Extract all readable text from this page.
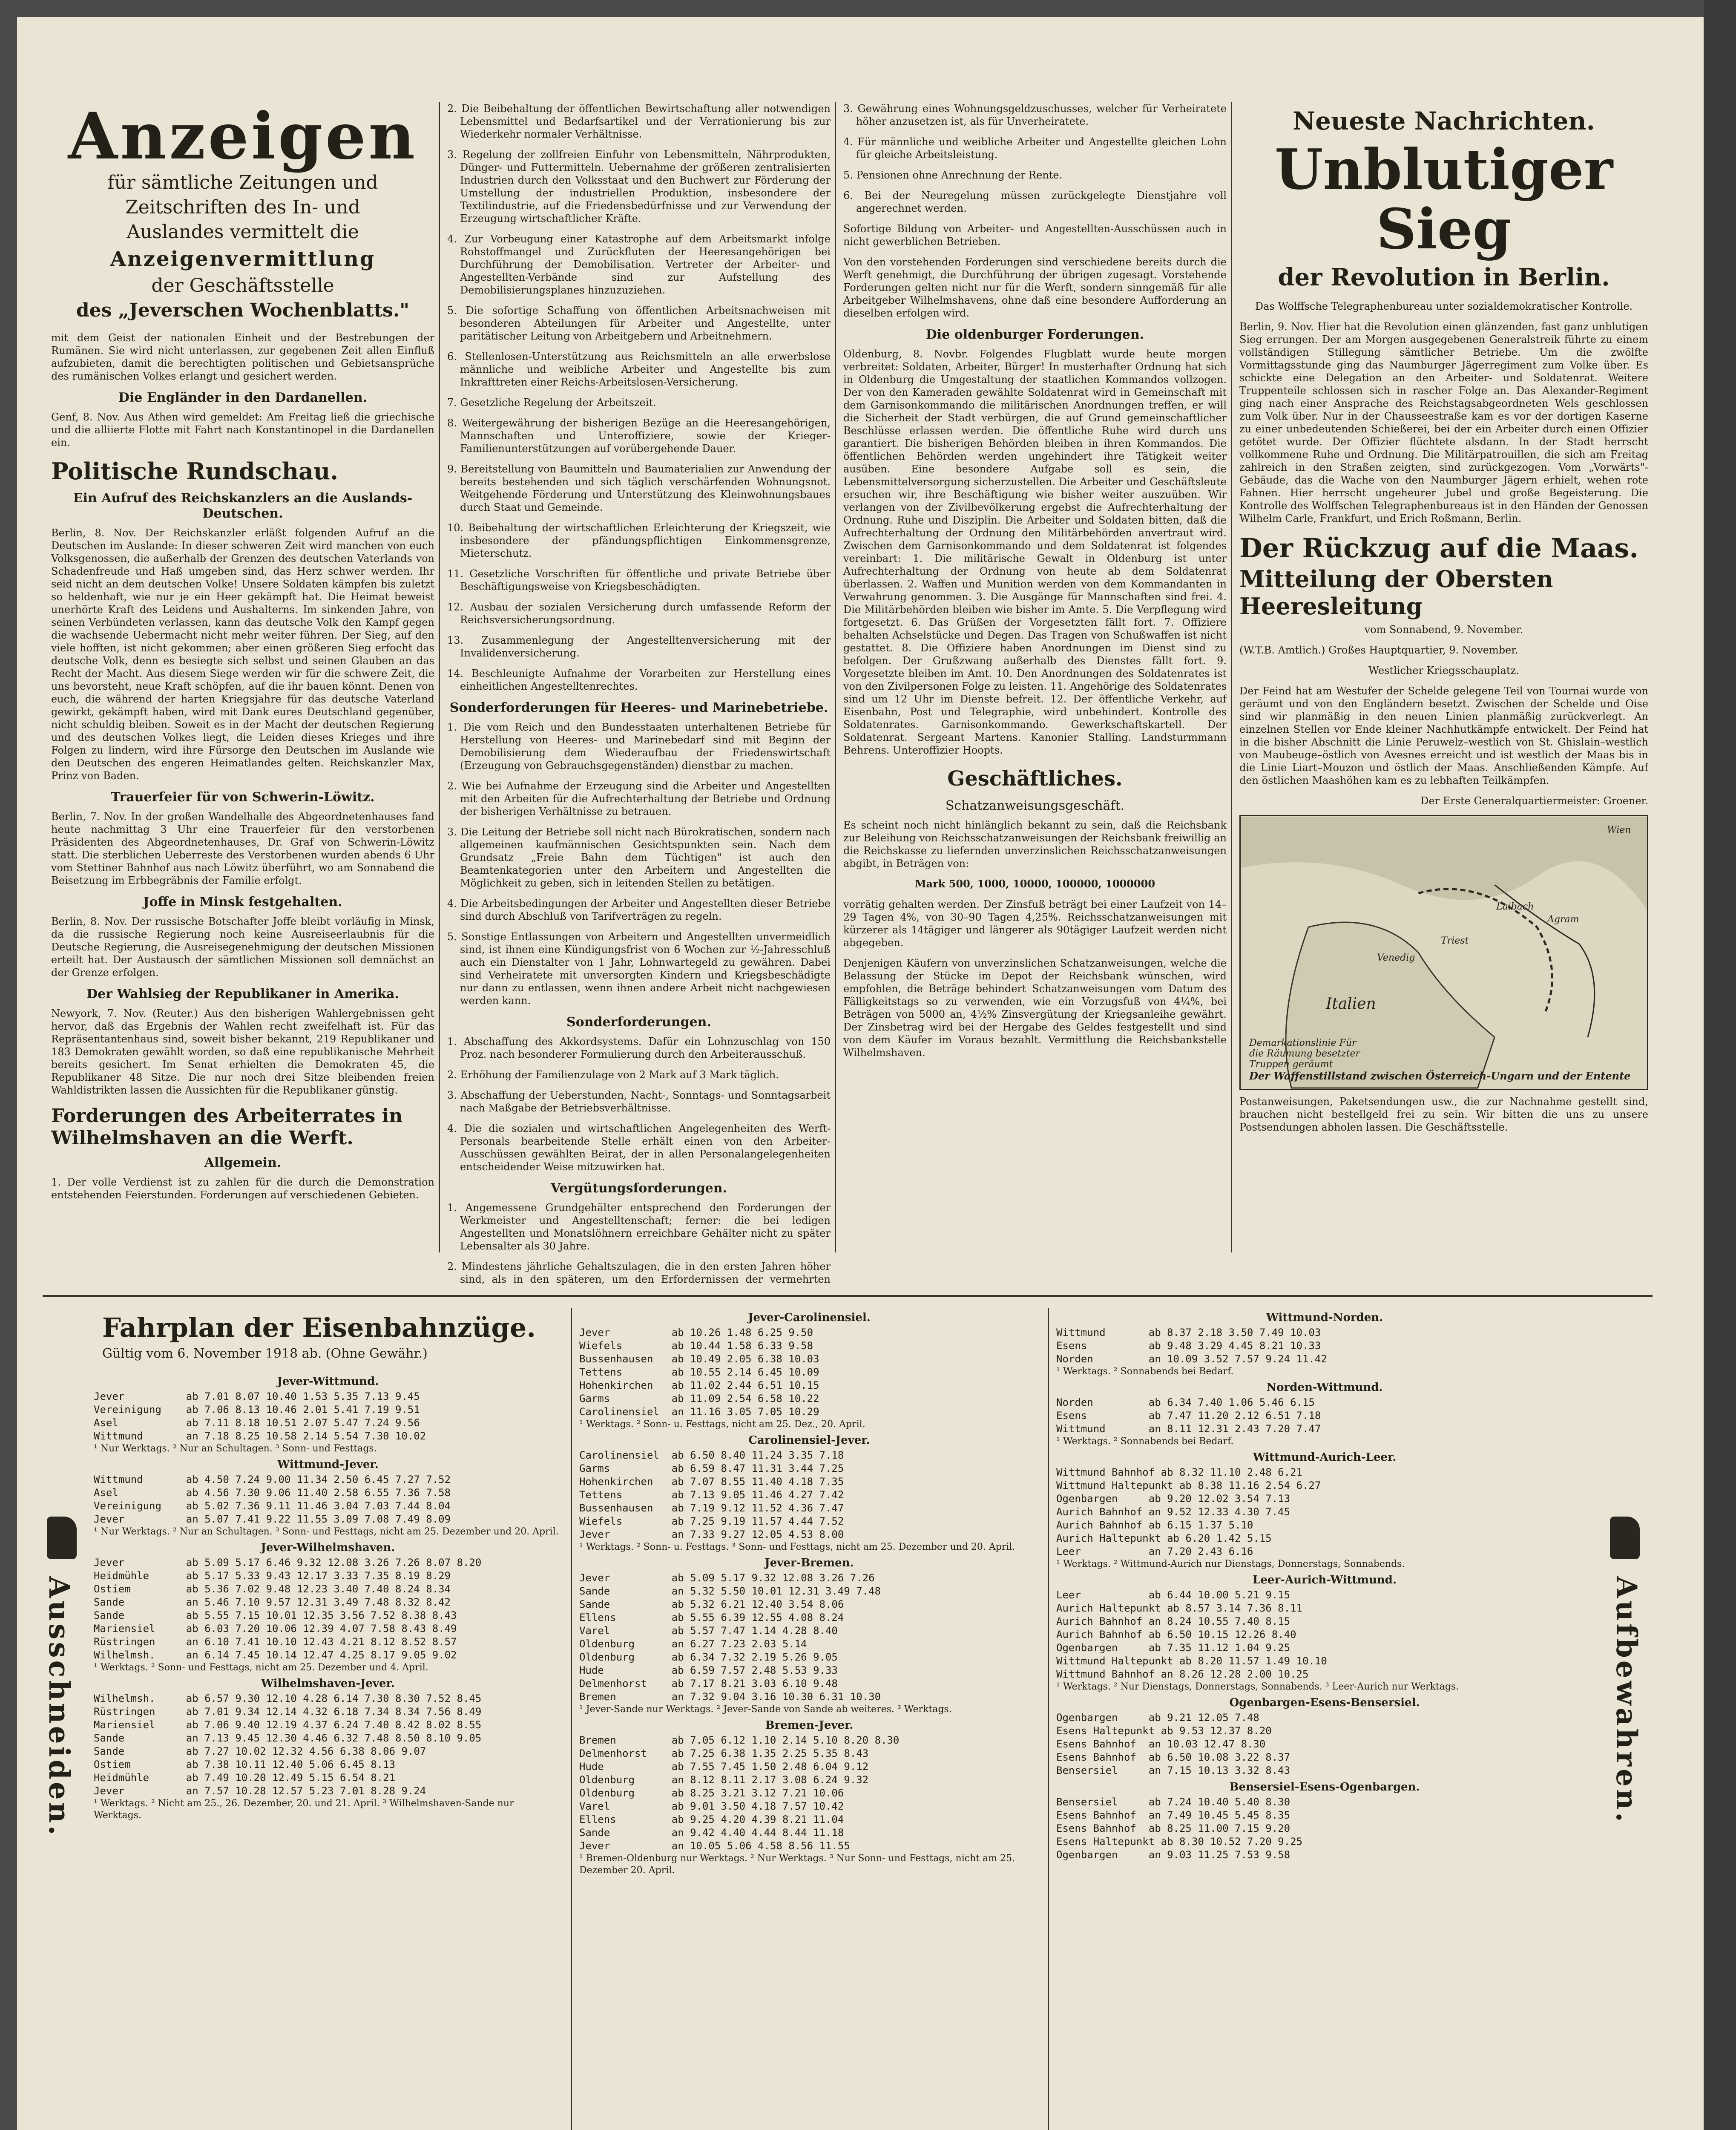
Anzeigen

für sämtliche Zeitungen und

Zeitschriften des In- und

Auslandes vermittelt die

Anzeigenvermittlung

der Geschäftsstelle

des „Jeverschen Wochenblatts."

mit dem Geist der nationalen Einheit und der Bestrebungen der Rumänen. Sie wird nicht unterlassen, zur gegebenen Zeit allen Einfluß aufzubieten, damit die berechtigten politischen und Gebietsansprüche des rumänischen Volkes erlangt und gesichert werden.

Die Engländer in den Dardanellen.

Genf, 8. Nov. Aus Athen wird gemeldet: Am Freitag ließ die griechische und die alliierte Flotte mit Fahrt nach Konstantinopel in die Dardanellen ein.

Politische Rundschau.
Ein Aufruf des Reichskanzlers an die Auslands-Deutschen.

Berlin, 8. Nov. Der Reichskanzler erläßt folgenden Aufruf an die Deutschen im Auslande: In dieser schweren Zeit wird manchen von euch Volksgenossen, die außerhalb der Grenzen des deutschen Vaterlands von Schadenfreude und Haß umgeben sind, das Herz schwer werden. Ihr seid nicht an dem deutschen Volke! Unsere Soldaten kämpfen bis zuletzt so heldenhaft, wie nur je ein Heer gekämpft hat. Die Heimat beweist unerhörte Kraft des Leidens und Aushalterns. Im sinkenden Jahre, von seinen Verbündeten verlassen, kann das deutsche Volk den Kampf gegen die wachsende Uebermacht nicht mehr weiter führen. Der Sieg, auf den viele hofften, ist nicht gekommen; aber einen größeren Sieg erfocht das deutsche Volk, denn es besiegte sich selbst und seinen Glauben an das Recht der Macht. Aus diesem Siege werden wir für die schwere Zeit, die uns bevorsteht, neue Kraft schöpfen, auf die ihr bauen könnt. Denen von euch, die während der harten Kriegsjahre für das deutsche Vaterland gewirkt, gekämpft haben, wird mit Dank eures Deutschland gegenüber, nicht schuldig bleiben. Soweit es in der Macht der deutschen Regierung und des deutschen Volkes liegt, die Leiden dieses Krieges und ihre Folgen zu lindern, wird ihre Fürsorge den Deutschen im Auslande wie den Deutschen des engeren Heimatlandes gelten. Reichskanzler Max, Prinz von Baden.

Trauerfeier für von Schwerin-Löwitz.

Berlin, 7. Nov. In der großen Wandelhalle des Abgeordnetenhauses fand heute nachmittag 3 Uhr eine Trauerfeier für den verstorbenen Präsidenten des Abgeordnetenhauses, Dr. Graf von Schwerin-Löwitz statt. Die sterblichen Ueberreste des Verstorbenen wurden abends 6 Uhr vom Stettiner Bahnhof aus nach Löwitz überführt, wo am Sonnabend die Beisetzung im Erbbegräbnis der Familie erfolgt.

Joffe in Minsk festgehalten.

Berlin, 8. Nov. Der russische Botschafter Joffe bleibt vorläufig in Minsk, da die russische Regierung noch keine Ausreiseerlaubnis für die Deutsche Regierung, die Ausreisegenehmigung der deutschen Missionen erteilt hat. Der Austausch der sämtlichen Missionen soll demnächst an der Grenze erfolgen.

Der Wahlsieg der Republikaner in Amerika.

Newyork, 7. Nov. (Reuter.) Aus den bisherigen Wahlergebnissen geht hervor, daß das Ergebnis der Wahlen recht zweifelhaft ist. Für das Repräsentantenhaus sind, soweit bisher bekannt, 219 Republikaner und 183 Demokraten gewählt worden, so daß eine republikanische Mehrheit bereits gesichert. Im Senat erhielten die Demokraten 45, die Republikaner 48 Sitze. Die nur noch drei Sitze bleibenden freien Wahldistrikten lassen die Aussichten für die Republikaner günstig.

Forderungen des Arbeiterrates in Wilhelmshaven an die Werft.
Allgemein.

1. Der volle Verdienst ist zu zahlen für die durch die Demonstration entstehenden Feierstunden. Forderungen auf verschiedenen Gebieten.

2. Die Beibehaltung der öffentlichen Bewirtschaftung aller notwendigen Lebensmittel und Bedarfsartikel und der Verrationierung bis zur Wiederkehr normaler Verhältnisse.

3. Regelung der zollfreien Einfuhr von Lebensmitteln, Nährprodukten, Dünger- und Futtermitteln. Uebernahme der größeren zentralisierten Industrien durch den Volksstaat und den Buchwert zur Förderung der Umstellung der industriellen Produktion, insbesondere der Textilindustrie, auf die Friedensbedürfnisse und zur Verwendung der Erzeugung wirtschaftlicher Kräfte.

4. Zur Vorbeugung einer Katastrophe auf dem Arbeitsmarkt infolge Rohstoffmangel und Zurückfluten der Heeresangehörigen bei Durchführung der Demobilisation. Vertreter der Arbeiter- und Angestellten-Verbände sind zur Aufstellung des Demobilisierungsplanes hinzuzuziehen.

5. Die sofortige Schaffung von öffentlichen Arbeitsnachweisen mit besonderen Abteilungen für Arbeiter und Angestellte, unter paritätischer Leitung von Arbeitgebern und Arbeitnehmern.

6. Stellenlosen-Unterstützung aus Reichsmitteln an alle erwerbslose männliche und weibliche Arbeiter und Angestellte bis zum Inkrafttreten einer Reichs-Arbeitslosen-Versicherung.

7. Gesetzliche Regelung der Arbeitszeit.

8. Weitergewährung der bisherigen Bezüge an die Heeresangehörigen, Mannschaften und Unteroffiziere, sowie der Krieger-Familienunterstützungen auf vorübergehende Dauer.

9. Bereitstellung von Baumitteln und Baumaterialien zur Anwendung der bereits bestehenden und sich täglich verschärfenden Wohnungsnot. Weitgehende Förderung und Unterstützung des Kleinwohnungsbaues durch Staat und Gemeinde.

10. Beibehaltung der wirtschaftlichen Erleichterung der Kriegszeit, wie insbesondere der pfändungspflichtigen Einkommensgrenze, Mieterschutz.

11. Gesetzliche Vorschriften für öffentliche und private Betriebe über Beschäftigungsweise von Kriegsbeschädigten.

12. Ausbau der sozialen Versicherung durch umfassende Reform der Reichsversicherungsordnung.

13. Zusammenlegung der Angestelltenversicherung mit der Invalidenversicherung.

14. Beschleunigte Aufnahme der Vorarbeiten zur Herstellung eines einheitlichen Angestelltenrechtes.

Sonderforderungen für Heeres- und Marinebetriebe.

1. Die vom Reich und den Bundesstaaten unterhaltenen Betriebe für Herstellung von Heeres- und Marinebedarf sind mit Beginn der Demobilisierung dem Wiederaufbau der Friedenswirtschaft (Erzeugung von Gebrauchsgegenständen) dienstbar zu machen.

2. Wie bei Aufnahme der Erzeugung sind die Arbeiter und Angestellten mit den Arbeiten für die Aufrechterhaltung der Betriebe und Ordnung der bisherigen Verhältnisse zu betrauen.

3. Die Leitung der Betriebe soll nicht nach Bürokratischen, sondern nach allgemeinen kaufmännischen Gesichtspunkten sein. Nach dem Grundsatz „Freie Bahn dem Tüchtigen" ist auch den Beamtenkategorien unter den Arbeitern und Angestellten die Möglichkeit zu geben, sich in leitenden Stellen zu betätigen.

4. Die Arbeitsbedingungen der Arbeiter und Angestellten dieser Betriebe sind durch Abschluß von Tarifverträgen zu regeln.

5. Sonstige Entlassungen von Arbeitern und Angestellten unvermeidlich sind, ist ihnen eine Kündigungsfrist von 6 Wochen zur ½-Jahresschluß auch ein Dienstalter von 1 Jahr, Lohnwartegeld zu gewähren. Dabei sind Verheiratete mit unversorgten Kindern und Kriegsbeschädigte nur dann zu entlassen, wenn ihnen andere Arbeit nicht nachgewiesen werden kann.

Sonderforderungen.

1. Abschaffung des Akkordsystems. Dafür ein Lohnzuschlag von 150 Proz. nach besonderer Formulierung durch den Arbeiterausschuß.

2. Erhöhung der Familienzulage von 2 Mark auf 3 Mark täglich.

3. Abschaffung der Ueberstunden, Nacht-, Sonntags- und Sonntagsarbeit nach Maßgabe der Betriebsverhältnisse.

4. Die die sozialen und wirtschaftlichen Angelegenheiten des Werft-Personals bearbeitende Stelle erhält einen von den Arbeiter-Ausschüssen gewählten Beirat, der in allen Personalangelegenheiten entscheidender Weise mitzuwirken hat.

Vergütungsforderungen.

1. Angemessene Grundgehälter entsprechend den Forderungen der Werkmeister und Angestelltenschaft; ferner: die bei ledigen Angestellten und Monatslöhnern erreichbare Gehälter nicht zu später Lebensalter als 30 Jahre.

2. Mindestens jährliche Gehaltszulagen, die in den ersten Jahren höher sind, als in den späteren, um den Erfordernissen der vermehrten

3. Gewährung eines Wohnungsgeldzuschusses, welcher für Verheiratete höher anzusetzen ist, als für Unverheiratete.

4. Für männliche und weibliche Arbeiter und Angestellte gleichen Lohn für gleiche Arbeitsleistung.

5. Pensionen ohne Anrechnung der Rente.

6. Bei der Neuregelung müssen zurückgelegte Dienstjahre voll angerechnet werden.

Sofortige Bildung von Arbeiter- und Angestellten-Ausschüssen auch in nicht gewerblichen Betrieben.

Von den vorstehenden Forderungen sind verschiedene bereits durch die Werft genehmigt, die Durchführung der übrigen zugesagt. Vorstehende Forderungen gelten nicht nur für die Werft, sondern sinngemäß für alle Arbeitgeber Wilhelmshavens, ohne daß eine besondere Aufforderung an dieselben erfolgen wird.

Die oldenburger Forderungen.

Oldenburg, 8. Novbr. Folgendes Flugblatt wurde heute morgen verbreitet: Soldaten, Arbeiter, Bürger! In musterhafter Ordnung hat sich in Oldenburg die Umgestaltung der staatlichen Kommandos vollzogen. Der von den Kameraden gewählte Soldatenrat wird in Gemeinschaft mit dem Garnisonkommando die militärischen Anordnungen treffen, er will die Sicherheit der Stadt verbürgen, die auf Grund gemeinschaftlicher Beschlüsse erlassen werden. Die öffentliche Ruhe wird durch uns garantiert. Die bisherigen Behörden bleiben in ihren Kommandos. Die öffentlichen Behörden werden ungehindert ihre Tätigkeit weiter ausüben. Eine besondere Aufgabe soll es sein, die Lebensmittelversorgung sicherzustellen. Die Arbeiter und Geschäftsleute ersuchen wir, ihre Beschäftigung wie bisher weiter auszuüben. Wir verlangen von der Zivilbevölkerung ergebst die Aufrechterhaltung der Ordnung. Ruhe und Disziplin. Die Arbeiter und Soldaten bitten, daß die Aufrechterhaltung der Ordnung den Militärbehörden anvertraut wird. Zwischen dem Garnisonkommando und dem Soldatenrat ist folgendes vereinbart: 1. Die militärische Gewalt in Oldenburg ist unter Aufrechterhaltung der Ordnung von heute ab dem Soldatenrat überlassen. 2. Waffen und Munition werden von dem Kommandanten in Verwahrung genommen. 3. Die Ausgänge für Mannschaften sind frei. 4. Die Militärbehörden bleiben wie bisher im Amte. 5. Die Verpflegung wird fortgesetzt. 6. Das Grüßen der Vorgesetzten fällt fort. 7. Offiziere behalten Achselstücke und Degen. Das Tragen von Schußwaffen ist nicht gestattet. 8. Die Offiziere haben Anordnungen im Dienst sind zu befolgen. Der Grußzwang außerhalb des Dienstes fällt fort. 9. Vorgesetzte bleiben im Amt. 10. Den Anordnungen des Soldatenrates ist von den Zivilpersonen Folge zu leisten. 11. Angehörige des Soldatenrates sind um 12 Uhr im Dienste befreit. 12. Der öffentliche Verkehr, auf Eisenbahn, Post und Telegraphie, wird unbehindert. Kontrolle des Soldatenrates. Garnisonkommando. Gewerkschaftskartell. Der Soldatenrat. Sergeant Martens. Kanonier Stalling. Landsturmmann Behrens. Unteroffizier Hoopts.

Geschäftliches.
Schatzanweisungsgeschäft.

Es scheint noch nicht hinlänglich bekannt zu sein, daß die Reichsbank zur Beleihung von Reichsschatzanweisungen der Reichsbank freiwillig an die Reichskasse zu liefernden unverzinslichen Reichsschatzanweisungen abgibt, in Beträgen von:

Mark 500, 1000, 10000, 100000, 1000000

vorrätig gehalten werden. Der Zinsfuß beträgt bei einer Laufzeit von 14–29 Tagen 4%, von 30–90 Tagen 4,25%. Reichsschatzanweisungen mit kürzerer als 14tägiger und längerer als 90tägiger Laufzeit werden nicht abgegeben.

Denjenigen Käufern von unverzinslichen Schatzanweisungen, welche die Belassung der Stücke im Depot der Reichsbank wünschen, wird empfohlen, die Beträge behindert Schatzanweisungen vom Datum des Fälligkeitstags so zu verwenden, wie ein Vorzugsfuß von 4¼%, bei Beträgen von 5000 an, 4½% Zinsvergütung der Kriegsanleihe gewährt. Der Zinsbetrag wird bei der Hergabe des Geldes festgestellt und sind von dem Käufer im Voraus bezahlt. Vermittlung die Reichsbankstelle Wilhelmshaven.

Neueste Nachrichten.
Unblutiger Sieg
der Revolution in Berlin.

Das Wolffsche Telegraphenbureau unter sozialdemokratischer Kontrolle.

Berlin, 9. Nov. Hier hat die Revolution einen glänzenden, fast ganz unblutigen Sieg errungen. Der am Morgen ausgegebenen Generalstreik führte zu einem vollständigen Stillegung sämtlicher Betriebe. Um die zwölfte Vormittagsstunde ging das Naumburger Jägerregiment zum Volke über. Es schickte eine Delegation an den Arbeiter- und Soldatenrat. Weitere Truppenteile schlossen sich in rascher Folge an. Das Alexander-Regiment ging nach einer Ansprache des Reichstagsabgeordneten Wels geschlossen zum Volk über. Nur in der Chausseestraße kam es vor der dortigen Kaserne zu einer unbedeutenden Schießerei, bei der ein Arbeiter durch einen Offizier getötet wurde. Der Offizier flüchtete alsdann. In der Stadt herrscht vollkommene Ruhe und Ordnung. Die Militärpatrouillen, die sich am Freitag zahlreich in den Straßen zeigten, sind zurückgezogen. Vom „Vorwärts"-Gebäude, das die Wache von den Naumburger Jägern erhielt, wehen rote Fahnen. Hier herrscht ungeheurer Jubel und große Begeisterung. Die Kontrolle des Wolffschen Telegraphenbureaus ist in den Händen der Genossen Wilhelm Carle, Frankfurt, und Erich Roßmann, Berlin.

Der Rückzug auf die Maas.
Mitteilung der Obersten Heeresleitung

vom Sonnabend, 9. November.

(W.T.B. Amtlich.) Großes Hauptquartier, 9. November.

Westlicher Kriegsschauplatz.

Der Feind hat am Westufer der Schelde gelegene Teil von Tournai wurde von geräumt und von den Engländern besetzt. Zwischen der Schelde und Oise sind wir planmäßig in den neuen Linien planmäßig zurückverlegt. An einzelnen Stellen vor Ende kleiner Nachhutkämpfe entwickelt. Der Feind hat in die bisher Abschnitt die Linie Peruwelz–westlich von St. Ghislain–westlich von Maubeuge–östlich von Avesnes erreicht und ist westlich der Maas bis in die Linie Liart–Mouzon und östlich der Maas. Anschließenden Kämpfe. Auf den östlichen Maashöhen kam es zu lebhaften Teilkämpfen.

Der Erste Generalquartiermeister: Groener.

Wien
Laibach
Agram
Triest
Venedig
Italien
Demarkationslinie Für die Räumung besetzter Truppen geräumt
Der Waffenstillstand zwischen Österreich-Ungarn und der Entente

Postanweisungen, Paketsendungen usw., die zur Nachnahme gestellt sind, brauchen nicht bestellgeld frei zu sein. Wir bitten die uns zu unsere Postsendungen abholen lassen. Die Geschäftsstelle.

Fahrplan der Eisenbahnzüge.
Gültig vom 6. November 1918 ab. (Ohne Gewähr.)
Ausschneiden.	Aufbewahren.
Jever-Wittmund.
Jever          ab 7.01 8.07 10.40 1.53 5.35 7.13 9.45
Vereinigung    ab 7.06 8.13 10.46 2.01 5.41 7.19 9.51
Asel           ab 7.11 8.18 10.51 2.07 5.47 7.24 9.56
Wittmund       an 7.18 8.25 10.58 2.14 5.54 7.30 10.02
¹ Nur Werktags. ² Nur an Schultagen. ³ Sonn- und Festtags.
Wittmund-Jever.
Wittmund       ab 4.50 7.24 9.00 11.34 2.50 6.45 7.27 7.52
Asel           ab 4.56 7.30 9.06 11.40 2.58 6.55 7.36 7.58
Vereinigung    ab 5.02 7.36 9.11 11.46 3.04 7.03 7.44 8.04
Jever          an 5.07 7.41 9.22 11.55 3.09 7.08 7.49 8.09
¹ Nur Werktags. ² Nur an Schultagen. ³ Sonn- und Festtags, nicht am 25. Dezember und 20. April.
Jever-Wilhelmshaven.
Jever          ab 5.09 5.17 6.46 9.32 12.08 3.26 7.26 8.07 8.20
Heidmühle      ab 5.17 5.33 9.43 12.17 3.33 7.35 8.19 8.29
Ostiem         ab 5.36 7.02 9.48 12.23 3.40 7.40 8.24 8.34
Sande          an 5.46 7.10 9.57 12.31 3.49 7.48 8.32 8.42
Sande          ab 5.55 7.15 10.01 12.35 3.56 7.52 8.38 8.43
Mariensiel     ab 6.03 7.20 10.06 12.39 4.07 7.58 8.43 8.49
Rüstringen     an 6.10 7.41 10.10 12.43 4.21 8.12 8.52 8.57
Wilhelmsh.     an 6.14 7.45 10.14 12.47 4.25 8.17 9.05 9.02
¹ Werktags. ² Sonn- und Festtags, nicht am 25. Dezember und 4. April.
Wilhelmshaven-Jever.
Wilhelmsh.     ab 6.57 9.30 12.10 4.28 6.14 7.30 8.30 7.52 8.45
Rüstringen     ab 7.01 9.34 12.14 4.32 6.18 7.34 8.34 7.56 8.49
Mariensiel     ab 7.06 9.40 12.19 4.37 6.24 7.40 8.42 8.02 8.55
Sande          an 7.13 9.45 12.30 4.46 6.32 7.48 8.50 8.10 9.05
Sande          ab 7.27 10.02 12.32 4.56 6.38 8.06 9.07
Ostiem         ab 7.38 10.11 12.40 5.06 6.45 8.13
Heidmühle      ab 7.49 10.20 12.49 5.15 6.54 8.21
Jever          an 7.57 10.28 12.57 5.23 7.01 8.28 9.24
¹ Werktags. ² Nicht am 25., 26. Dezember, 20. und 21. April. ³ Wilhelmshaven-Sande nur Werktags.
Jever-Carolinensiel.
Jever          ab 10.26 1.48 6.25 9.50
Wiefels        ab 10.44 1.58 6.33 9.58
Bussenhausen   ab 10.49 2.05 6.38 10.03
Tettens        ab 10.55 2.14 6.45 10.09
Hohenkirchen   ab 11.02 2.44 6.51 10.15
Garms          ab 11.09 2.54 6.58 10.22
Carolinensiel  an 11.16 3.05 7.05 10.29
¹ Werktags. ² Sonn- u. Festtags, nicht am 25. Dez., 20. April.
Carolinensiel-Jever.
Carolinensiel  ab 6.50 8.40 11.24 3.35 7.18
Garms          ab 6.59 8.47 11.31 3.44 7.25
Hohenkirchen   ab 7.07 8.55 11.40 4.18 7.35
Tettens        ab 7.13 9.05 11.46 4.27 7.42
Bussenhausen   ab 7.19 9.12 11.52 4.36 7.47
Wiefels        ab 7.25 9.19 11.57 4.44 7.52
Jever          an 7.33 9.27 12.05 4.53 8.00
¹ Werktags. ² Sonn- u. Festtags. ³ Sonn- und Festtags, nicht am 25. Dezember und 20. April.
Jever-Bremen.
Jever          ab 5.09 5.17 9.32 12.08 3.26 7.26
Sande          an 5.32 5.50 10.01 12.31 3.49 7.48
Sande          ab 5.32 6.21 12.40 3.54 8.06
Ellens         ab 5.55 6.39 12.55 4.08 8.24
Varel          ab 5.57 7.47 1.14 4.28 8.40
Oldenburg      an 6.27 7.23 2.03 5.14
Oldenburg      ab 6.34 7.32 2.19 5.26 9.05
Hude           ab 6.59 7.57 2.48 5.53 9.33
Delmenhorst    ab 7.17 8.21 3.03 6.10 9.48
Bremen         an 7.32 9.04 3.16 10.30 6.31 10.30
¹ Jever-Sande nur Werktags. ² Jever-Sande von Sande ab weiteres. ³ Werktags.
Bremen-Jever.
Bremen         ab 7.05 6.12 1.10 2.14 5.10 8.20 8.30
Delmenhorst    ab 7.25 6.38 1.35 2.25 5.35 8.43
Hude           ab 7.55 7.45 1.50 2.48 6.04 9.12
Oldenburg      an 8.12 8.11 2.17 3.08 6.24 9.32
Oldenburg      ab 8.25 3.21 3.12 7.21 10.06
Varel          ab 9.01 3.50 4.18 7.57 10.42
Ellens         ab 9.25 4.20 4.39 8.21 11.04
Sande          an 9.42 4.40 4.44 8.44 11.18
Jever          an 10.05 5.06 4.58 8.56 11.55
¹ Bremen-Oldenburg nur Werktags. ² Nur Werktags. ³ Nur Sonn- und Festtags, nicht am 25. Dezember 20. April.
Wittmund-Norden.
Wittmund       ab 8.37 2.18 3.50 7.49 10.03
Esens          ab 9.48 3.29 4.45 8.21 10.33
Norden         an 10.09 3.52 7.57 9.24 11.42
¹ Werktags. ² Sonnabends bei Bedarf.
Norden-Wittmund.
Norden         ab 6.34 7.40 1.06 5.46 6.15
Esens          ab 7.47 11.20 2.12 6.51 7.18
Wittmund       an 8.11 12.31 2.43 7.20 7.47
¹ Werktags. ² Sonnabends bei Bedarf.
Wittmund-Aurich-Leer.
Wittmund Bahnhof ab 8.32 11.10 2.48 6.21
Wittmund Haltepunkt ab 8.38 11.16 2.54 6.27
Ogenbargen     ab 9.20 12.02 3.54 7.13
Aurich Bahnhof an 9.52 12.33 4.30 7.45
Aurich Bahnhof ab 6.15 1.37 5.10
Aurich Haltepunkt ab 6.20 1.42 5.15
Leer           an 7.20 2.43 6.16
¹ Werktags. ² Wittmund-Aurich nur Dienstags, Donnerstags, Sonnabends.
Leer-Aurich-Wittmund.
Leer           ab 6.44 10.00 5.21 9.15
Aurich Haltepunkt ab 8.57 3.14 7.36 8.11
Aurich Bahnhof an 8.24 10.55 7.40 8.15
Aurich Bahnhof ab 6.50 10.15 12.26 8.40
Ogenbargen     ab 7.35 11.12 1.04 9.25
Wittmund Haltepunkt ab 8.20 11.57 1.49 10.10
Wittmund Bahnhof an 8.26 12.28 2.00 10.25
¹ Werktags. ² Nur Dienstags, Donnerstags, Sonnabends. ³ Leer-Aurich nur Werktags.
Ogenbargen-Esens-Bensersiel.
Ogenbargen     ab 9.21 12.05 7.48
Esens Haltepunkt ab 9.53 12.37 8.20
Esens Bahnhof  an 10.03 12.47 8.30
Esens Bahnhof  ab 6.50 10.08 3.22 8.37
Bensersiel     an 7.15 10.13 3.32 8.43
Bensersiel-Esens-Ogenbargen.
Bensersiel     ab 7.24 10.40 5.40 8.30
Esens Bahnhof  an 7.49 10.45 5.45 8.35
Esens Bahnhof  ab 8.25 11.00 7.15 9.20
Esens Haltepunkt ab 8.30 10.52 7.20 9.25
Ogenbargen     an 9.03 11.25 7.53 9.58
